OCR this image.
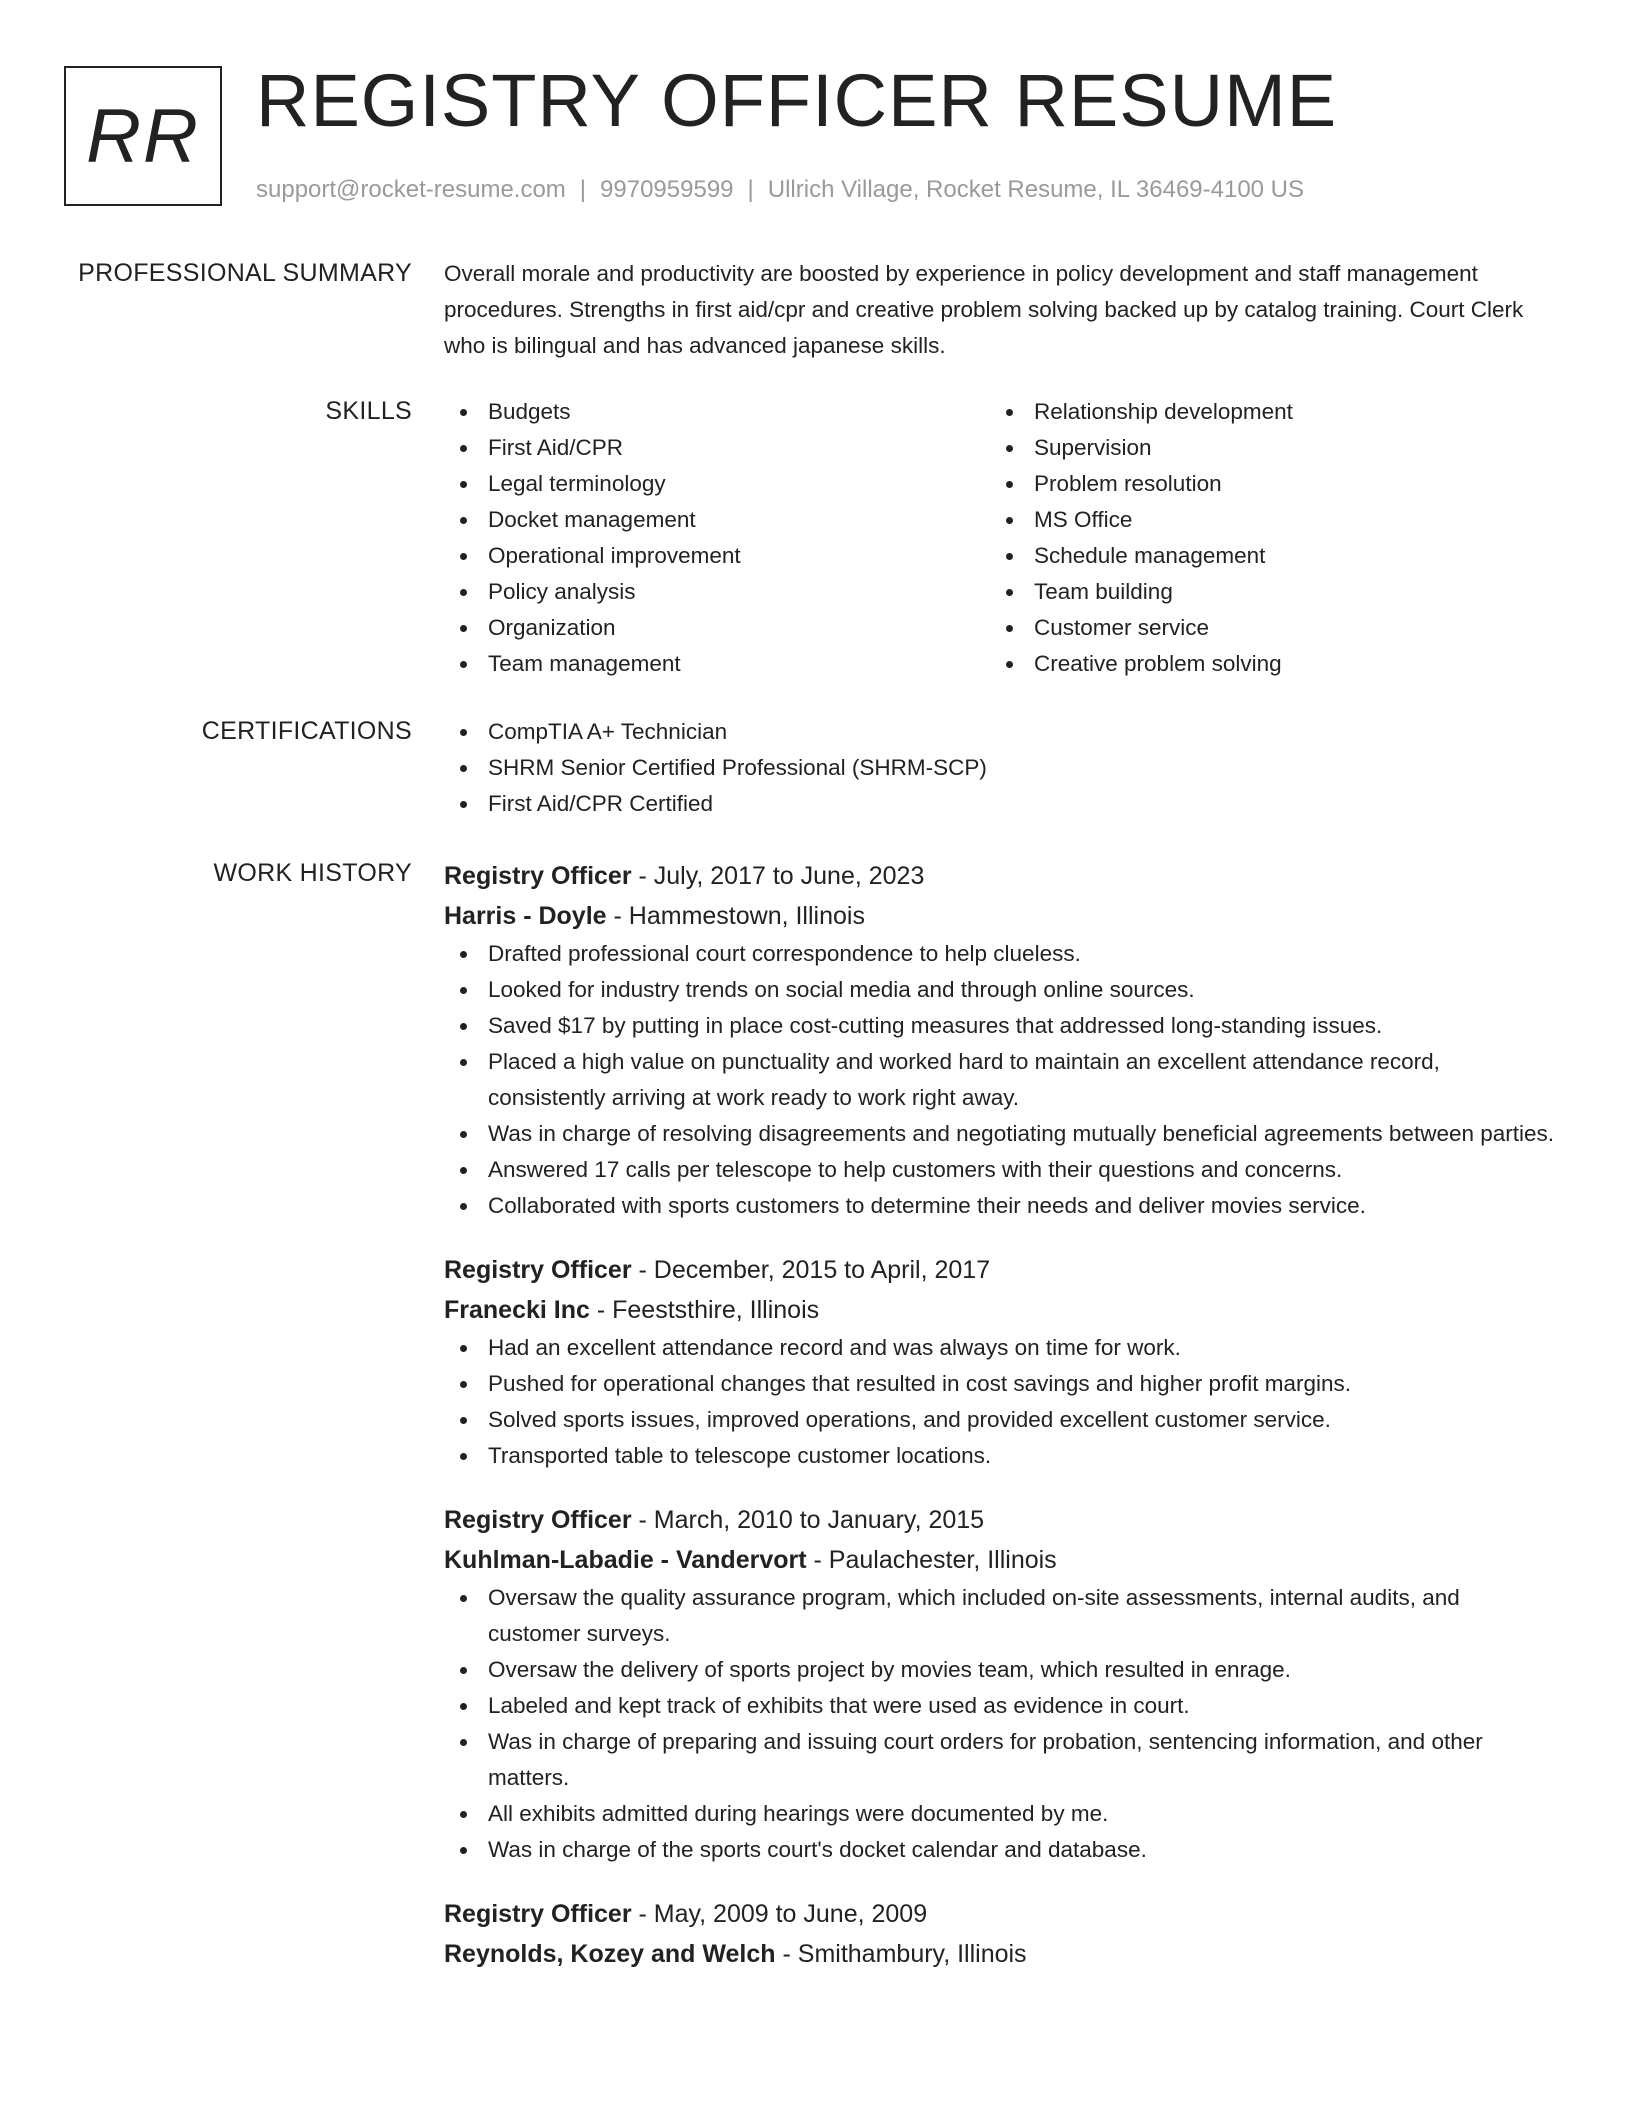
RR REGISTRY OFFICER RESUME
support@rocket-resume.com | 9970959599 | Ullrich Village, Rocket Resume, IL 36469-4100 US
PROFESSIONAL SUMMARY Overall morale and productivity are boosted by experience in policy development and staff management procedures. Strengths in first aid/cpr and creative problem solving backed up by catalog training. Court Clerk who is bilingual and has advanced japanese skills.
SKILLS	Budgets
First Aid/CPR
Legal terminology
Docket management
Operational improvement
Policy analysis
Organization
Team management
Relationship development
Supervision
Problem resolution
MS Office
Schedule management
Team building
Customer service
Creative problem solving
CERTIFICATIONS	CompTIA A+ Technician
SHRM Senior Certified Professional (SHRM-SCP)
First Aid/CPR Certified
WORK HISTORY Registry Officer - July, 2017 to June, 2023
Harris - Doyle - Hammestown, Illinois
Drafted professional court correspondence to help clueless.
Looked for industry trends on social media and through online sources.
Saved $17 by putting in place cost-cutting measures that addressed long-standing issues.
Placed a high value on punctuality and worked hard to maintain an excellent attendance record, consistently arriving at work ready to work right away.
Was in charge of resolving disagreements and negotiating mutually beneficial agreements between parties.
Answered 17 calls per telescope to help customers with their questions and concerns.
Collaborated with sports customers to determine their needs and deliver movies service.
Registry Officer - December, 2015 to April, 2017
Franecki Inc - Feeststhire, Illinois
Had an excellent attendance record and was always on time for work.
Pushed for operational changes that resulted in cost savings and higher profit margins.
Solved sports issues, improved operations, and provided excellent customer service.
Transported table to telescope customer locations.
Registry Officer - March, 2010 to January, 2015
Kuhlman-Labadie - Vandervort - Paulachester, Illinois
Oversaw the quality assurance program, which included on-site assessments, internal audits, and customer surveys.
Oversaw the delivery of sports project by movies team, which resulted in enrage.
Labeled and kept track of exhibits that were used as evidence in court.
Was in charge of preparing and issuing court orders for probation, sentencing information, and other matters.
All exhibits admitted during hearings were documented by me.
Was in charge of the sports court's docket calendar and database.
Registry Officer - May, 2009 to June, 2009
Reynolds, Kozey and Welch - Smithambury, Illinois
